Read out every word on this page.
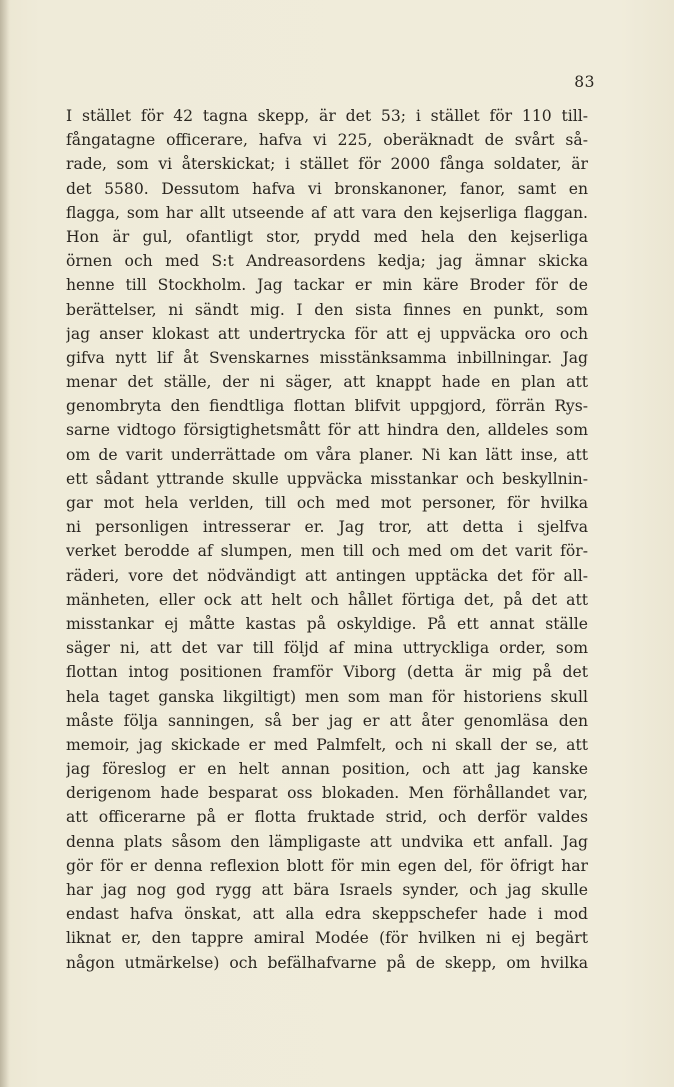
83
I stället för 42 tagna skepp, är det 53; i stället för 110 till-
fångatagne officerare, hafva vi 225, oberäknadt de svårt så-
rade, som vi återskickat; i stället för 2000 fånga soldater, är
det 5580. Dessutom hafva vi bronskanoner, fanor, samt en
flagga, som har allt utseende af att vara den kejserliga flaggan.
Hon är gul, ofantligt stor, prydd med hela den kejserliga
örnen och med S:t Andreasordens kedja; jag ämnar skicka
henne till Stockholm. Jag tackar er min käre Broder för de
berättelser, ni sändt mig. I den sista finnes en punkt, som
jag anser klokast att undertrycka för att ej uppväcka oro och
gifva nytt lif åt Svenskarnes misstänksamma inbillningar. Jag
menar det ställe, der ni säger, att knappt hade en plan att
genombryta den fiendtliga flottan blifvit uppgjord, förrän Rys-
sarne vidtogo försigtighetsmått för att hindra den, alldeles som
om de varit underrättade om våra planer. Ni kan lätt inse, att
ett sådant yttrande skulle uppväcka misstankar och beskyllnin-
gar mot hela verlden, till och med mot personer, för hvilka
ni personligen intresserar er. Jag tror, att detta i sjelfva
verket berodde af slumpen, men till och med om det varit för-
räderi, vore det nödvändigt att antingen upptäcka det för all-
mänheten, eller ock att helt och hållet förtiga det, på det att
misstankar ej måtte kastas på oskyldige. På ett annat ställe
säger ni, att det var till följd af mina uttryckliga order, som
flottan intog positionen framför Viborg (detta är mig på det
hela taget ganska likgiltigt) men som man för historiens skull
måste följa sanningen, så ber jag er att åter genomläsa den
memoir, jag skickade er med Palmfelt, och ni skall der se, att
jag föreslog er en helt annan position, och att jag kanske
derigenom hade besparat oss blokaden. Men förhållandet var,
att officerarne på er flotta fruktade strid, och derför valdes
denna plats såsom den lämpligaste att undvika ett anfall. Jag
gör för er denna reflexion blott för min egen del, för öfrigt har
har jag nog god rygg att bära Israels synder, och jag skulle
endast hafva önskat, att alla edra skeppschefer hade i mod
liknat er, den tappre amiral Modée (för hvilken ni ej begärt
någon utmärkelse) och befälhafvarne på de skepp, om hvilka
